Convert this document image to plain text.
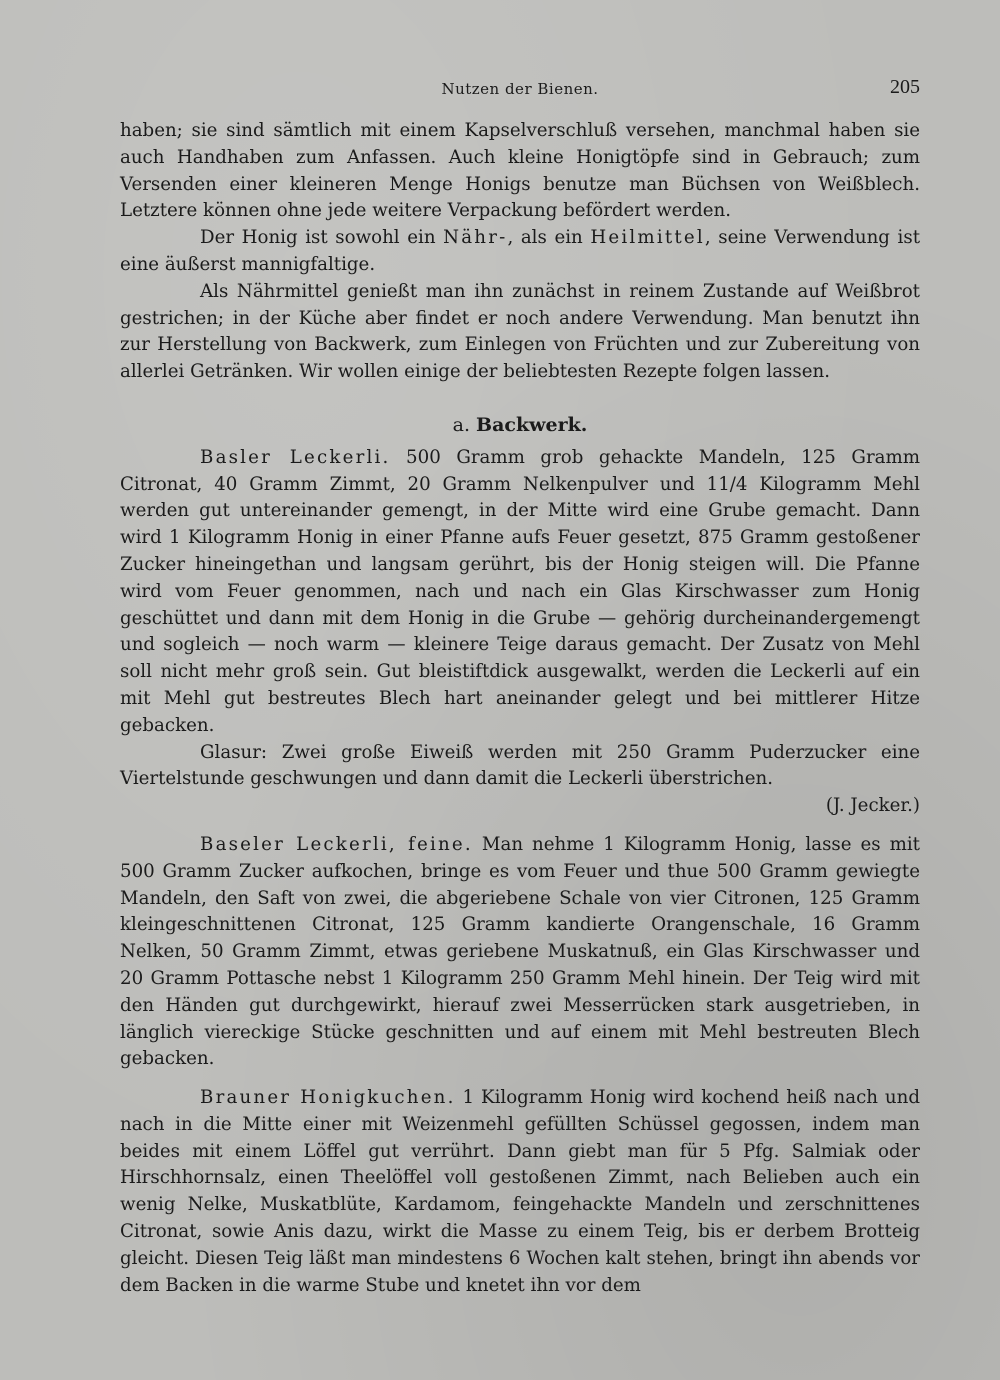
Nutzen der Bienen.	205

haben; sie sind sämtlich mit einem Kapselverschluß versehen, manchmal haben sie auch Handhaben zum Anfassen. Auch kleine Honigtöpfe sind in Gebrauch; zum Versenden einer kleineren Menge Honigs benutze man Büchsen von Weißblech. Letztere können ohne jede weitere Verpackung befördert werden.

Der Honig ist sowohl ein Nähr-, als ein Heilmittel, seine Verwendung ist eine äußerst mannigfaltige.

Als Nährmittel genießt man ihn zunächst in reinem Zustande auf Weißbrot gestrichen; in der Küche aber findet er noch andere Verwendung. Man benutzt ihn zur Herstellung von Backwerk, zum Einlegen von Früchten und zur Zubereitung von allerlei Getränken. Wir wollen einige der beliebtesten Rezepte folgen lassen.

a. Backwerk.

Basler Leckerli. 500 Gramm grob gehackte Mandeln, 125 Gramm Citronat, 40 Gramm Zimmt, 20 Gramm Nelkenpulver und 11/4 Kilogramm Mehl werden gut untereinander gemengt, in der Mitte wird eine Grube gemacht. Dann wird 1 Kilogramm Honig in einer Pfanne aufs Feuer gesetzt, 875 Gramm gestoßener Zucker hineingethan und langsam gerührt, bis der Honig steigen will. Die Pfanne wird vom Feuer genommen, nach und nach ein Glas Kirschwasser zum Honig geschüttet und dann mit dem Honig in die Grube — gehörig durcheinandergemengt und sogleich — noch warm — kleinere Teige daraus gemacht. Der Zusatz von Mehl soll nicht mehr groß sein. Gut bleistiftdick ausgewalkt, werden die Leckerli auf ein mit Mehl gut bestreutes Blech hart aneinander gelegt und bei mittlerer Hitze gebacken.

Glasur: Zwei große Eiweiß werden mit 250 Gramm Puderzucker eine Viertelstunde geschwungen und dann damit die Leckerli überstrichen.
(J. Jecker.)

Baseler Leckerli, feine. Man nehme 1 Kilogramm Honig, lasse es mit 500 Gramm Zucker aufkochen, bringe es vom Feuer und thue 500 Gramm gewiegte Mandeln, den Saft von zwei, die abgeriebene Schale von vier Citronen, 125 Gramm kleingeschnittenen Citronat, 125 Gramm kandierte Orangenschale, 16 Gramm Nelken, 50 Gramm Zimmt, etwas geriebene Muskatnuß, ein Glas Kirschwasser und 20 Gramm Pottasche nebst 1 Kilogramm 250 Gramm Mehl hinein. Der Teig wird mit den Händen gut durchgewirkt, hierauf zwei Messerrücken stark ausgetrieben, in länglich viereckige Stücke geschnitten und auf einem mit Mehl bestreuten Blech gebacken.

Brauner Honigkuchen. 1 Kilogramm Honig wird kochend heiß nach und nach in die Mitte einer mit Weizenmehl gefüllten Schüssel gegossen, indem man beides mit einem Löffel gut verrührt. Dann giebt man für 5 Pfg. Salmiak oder Hirschhornsalz, einen Theelöffel voll gestoßenen Zimmt, nach Belieben auch ein wenig Nelke, Muskatblüte, Kardamom, feingehackte Mandeln und zerschnittenes Citronat, sowie Anis dazu, wirkt die Masse zu einem Teig, bis er derbem Brotteig gleicht. Diesen Teig läßt man mindestens 6 Wochen kalt stehen, bringt ihn abends vor dem Backen in die warme Stube und knetet ihn vor dem
